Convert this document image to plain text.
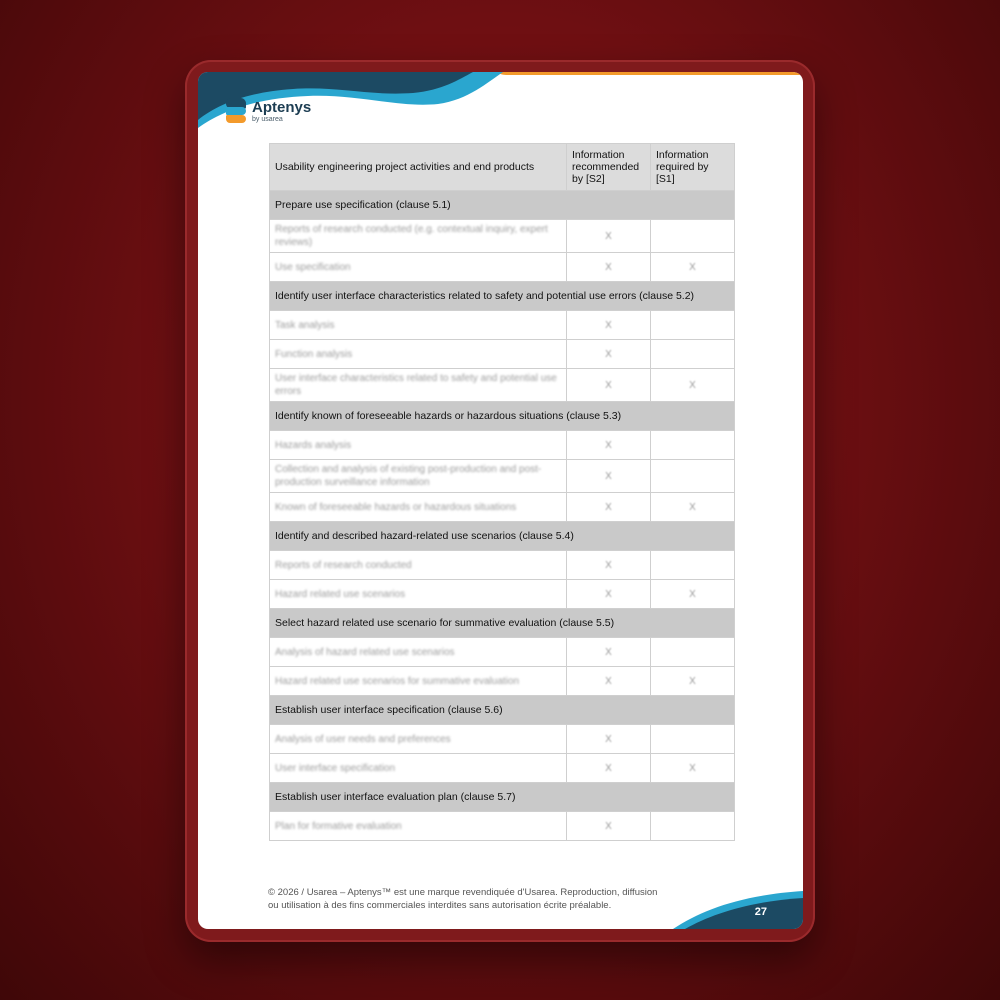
Aptenys
by usarea
Usability engineering project activities and end products	Information recommended by [S2]	Information required by [S1]
Prepare use specification (clause 5.1)		
Reports of research conducted (e.g. contextual inquiry, expert reviews)	X	
Use specification	X	X
Identify user interface characteristics related to safety and potential use errors (clause 5.2)		
Task analysis	X	
Function analysis	X	
User interface characteristics related to safety and potential use errors	X	X
Identify known of foreseeable hazards or hazardous situations (clause 5.3)		
Hazards analysis	X	
Collection and analysis of existing post-production and post-production surveillance information	X	
Known of foreseeable hazards or hazardous situations	X	X
Identify and described hazard-related use scenarios (clause 5.4)		
Reports of research conducted	X	
Hazard related use scenarios	X	X
Select hazard related use scenario for summative evaluation (clause 5.5)		
Analysis of hazard related use scenarios	X	
Hazard related use scenarios for summative evaluation	X	X
Establish user interface specification (clause 5.6)		
Analysis of user needs and preferences	X	
User interface specification	X	X
Establish user interface evaluation plan (clause 5.7)		
Plan for formative evaluation	X	
© 2026 / Usarea – Aptenys™ est une marque revendiquée d'Usarea. Reproduction, diffusion
ou utilisation à des fins commerciales interdites sans autorisation écrite préalable.
27
